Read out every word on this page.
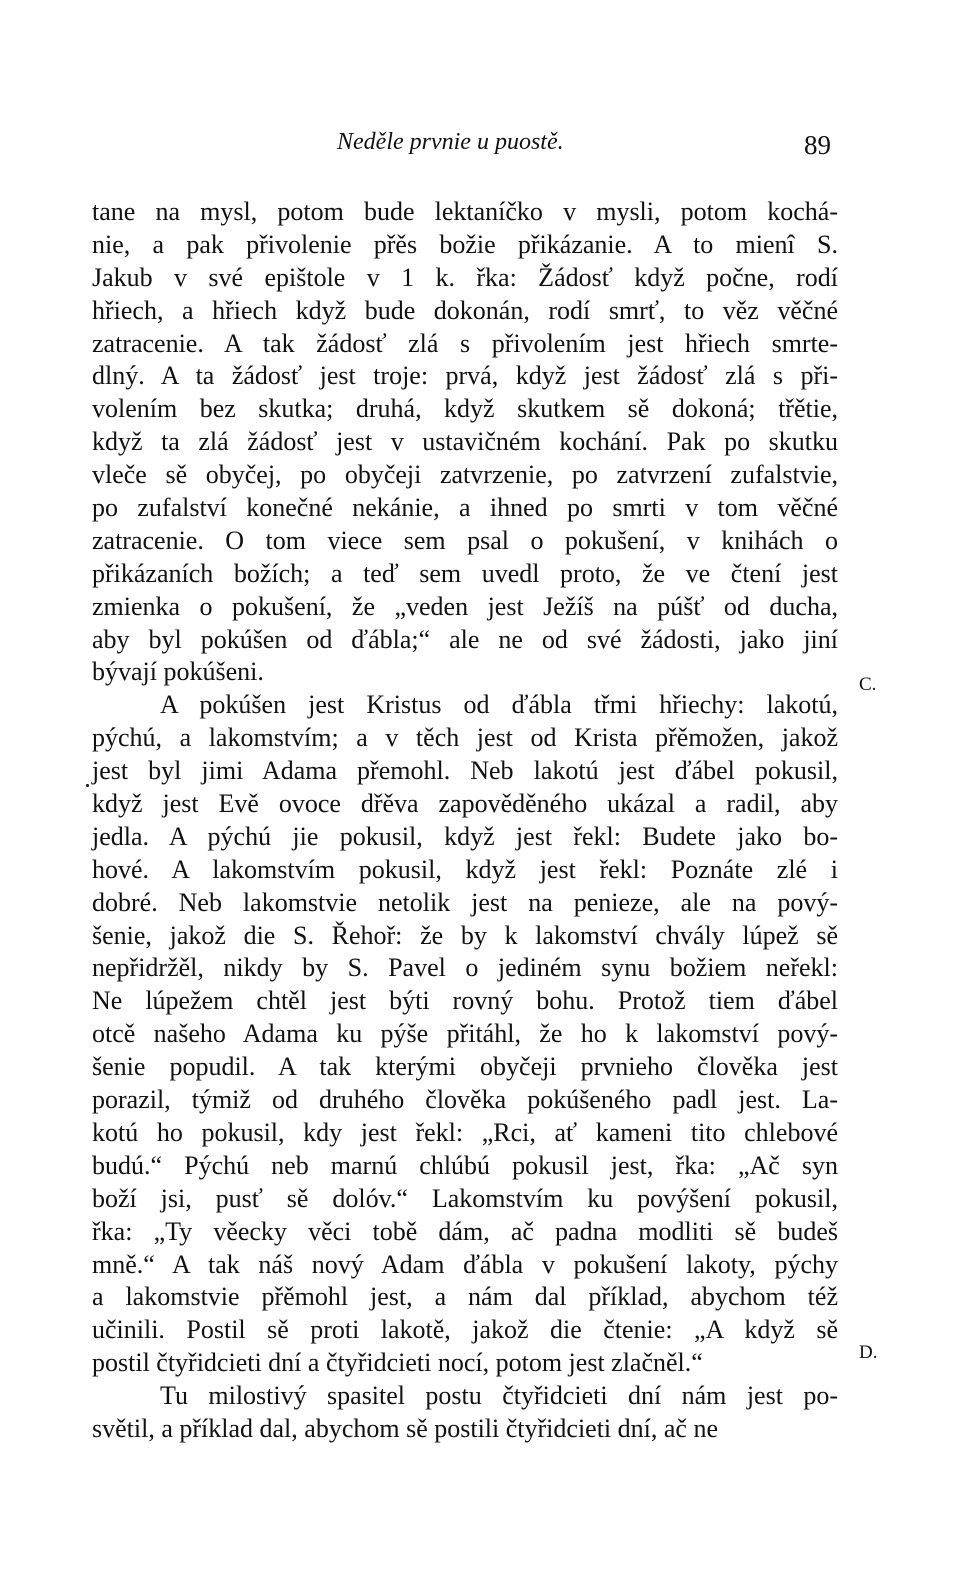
Neděle prvnie u puostě.	89
C.
D.
tane na mysl, potom bude lektaníčko v mysli, potom kochá-
nie, a pak přivolenie přěs božie přikázanie. A to mienî S.
Jakub v své epištole v 1 k. řka: Žádosť když počne, rodí
hřiech, a hřiech když bude dokonán, rodí smrť, to věz věčné
zatracenie. A tak žádosť zlá s přivolením jest hřiech smrte-
dlný. A ta žádosť jest troje: prvá, když jest žádosť zlá s při-
volením bez skutka; druhá, když skutkem sě dokoná; třětie,
když ta zlá žádosť jest v ustavičném kochání. Pak po skutku
vleče sě obyčej, po obyčeji zatvrzenie, po zatvrzení zufalstvie,
po zufalství konečné nekánie, a ihned po smrti v tom věčné
zatracenie. O tom viece sem psal o pokušení, v knihách o
přikázaních božích; a teď sem uvedl proto, že ve čtení jest
zmienka o pokušení, že „veden jest Ježíš na púšť od ducha,
aby byl pokúšen od ďábla;“ ale ne od své žádosti, jako jiní
bývají pokúšeni.
A pokúšen jest Kristus od ďábla třmi hřiechy: lakotú,
pýchú, a lakomstvím; a v těch jest od Krista přěmožen, jakož
jest byl jimi Adama přemohl. Neb lakotú jest ďábel pokusil,
když jest Evě ovoce dřěva zapověděného ukázal a radil, aby
jedla. A pýchú jie pokusil, když jest řekl: Budete jako bo-
hové. A lakomstvím pokusil, když jest řekl: Poznáte zlé i
dobré. Neb lakomstvie netolik jest na penieze, ale na pový-
šenie, jakož die S. Řehoř: že by k lakomství chvály lúpež sě
nepřidržěl, nikdy by S. Pavel o jediném synu božiem neřekl:
Ne lúpežem chtěl jest býti rovný bohu. Protož tiem ďábel
otcě našeho Adama ku pýše přitáhl, že ho k lakomství pový-
šenie popudil. A tak kterými obyčeji prvnieho člověka jest
porazil, týmiž od druhého člověka pokúšeného padl jest. La-
kotú ho pokusil, kdy jest řekl: „Rci, ať kameni tito chlebové
budú.“ Pýchú neb marnú chlúbú pokusil jest, řka: „Ač syn
boží jsi, pusť sě dolóv.“ Lakomstvím ku povýšení pokusil,
řka: „Ty věecky věci tobě dám, ač padna modliti sě budeš
mně.“ A tak náš nový Adam ďábla v pokušení lakoty, pýchy
a lakomstvie přěmohl jest, a nám dal příklad, abychom též
učinili. Postil sě proti lakotě, jakož die čtenie: „A když sě
postil čtyřidcieti dní a čtyřidcieti nocí, potom jest zlačněl.“
Tu milostivý spasitel postu čtyřidcieti dní nám jest po-
světil, a příklad dal, abychom sě postili čtyřidcieti dní, ač ne
